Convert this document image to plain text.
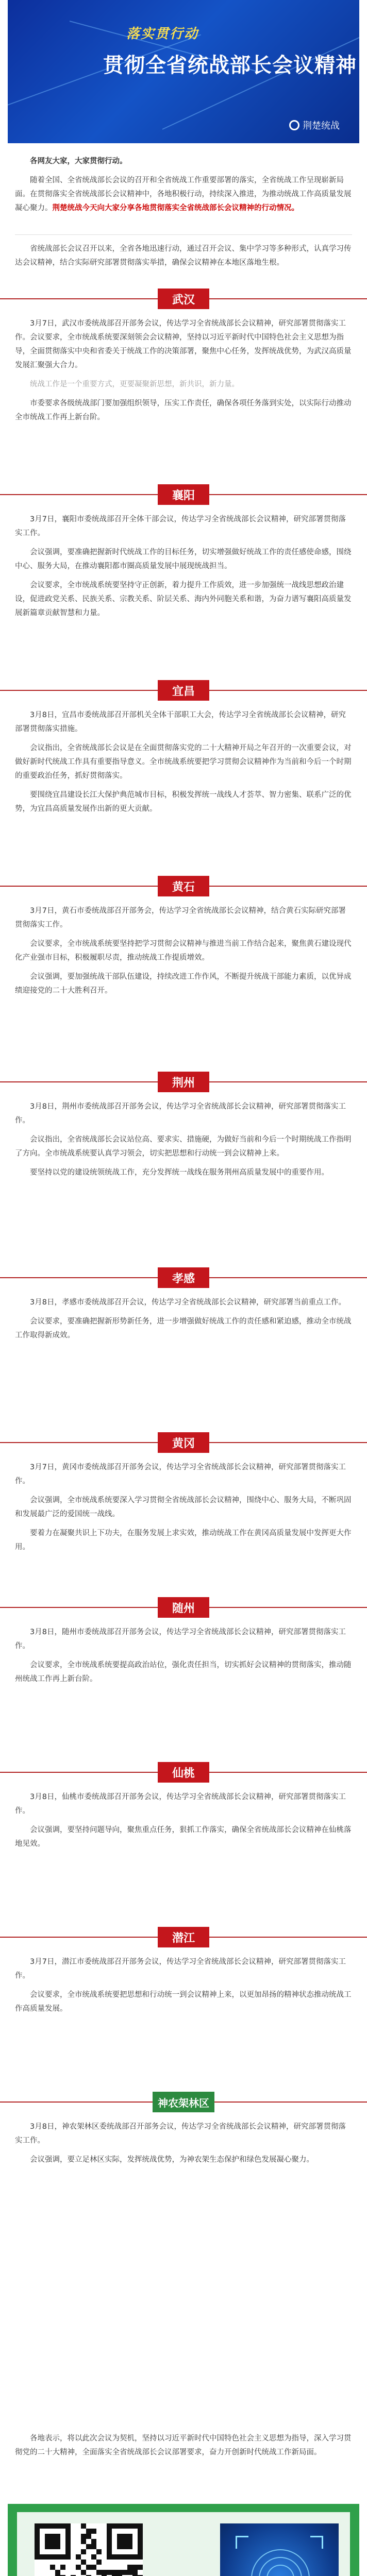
落实贯行动
贯彻全省统战部长会议精神
荆楚统战

各网友大家，大家贯彻行动。

随着全国、全省统战部长会议的召开和全省统战工作重要部署的落实，全省统战工作呈现崭新局面。在贯彻落实全省统战部长会议精神中，各地积极行动，持续深入推进，为推动统战工作高质量发展凝心聚力。荆楚统战今天向大家分享各地贯彻落实全省统战部长会议精神的行动情况。

省统战部长会议召开以来，全省各地迅速行动，通过召开会议、集中学习等多种形式，认真学习传达会议精神，结合实际研究部署贯彻落实举措，确保会议精神在本地区落地生根。

武汉

3月7日，武汉市委统战部召开部务会议，传达学习全省统战部长会议精神，研究部署贯彻落实工作。会议要求，全市统战系统要深刻领会会议精神，坚持以习近平新时代中国特色社会主义思想为指导，全面贯彻落实中央和省委关于统战工作的决策部署，聚焦中心任务，发挥统战优势，为武汉高质量发展汇聚强大合力。

统战工作是一个重要方式，更要凝聚新思想，新共识，新力量。

市委要求各级统战部门要加强组织领导，压实工作责任，确保各项任务落到实处，以实际行动推动全市统战工作再上新台阶。

襄阳

3月7日，襄阳市委统战部召开全体干部会议，传达学习全省统战部长会议精神，研究部署贯彻落实工作。

会议强调，要准确把握新时代统战工作的目标任务，切实增强做好统战工作的责任感使命感，围绕中心、服务大局，在推动襄阳都市圈高质量发展中展现统战担当。

会议要求，全市统战系统要坚持守正创新，着力提升工作质效，进一步加强统一战线思想政治建设，促进政党关系、民族关系、宗教关系、阶层关系、海内外同胞关系和谐，为奋力谱写襄阳高质量发展新篇章贡献智慧和力量。

宜昌

3月8日，宜昌市委统战部召开部机关全体干部职工大会，传达学习全省统战部长会议精神，研究部署贯彻落实措施。

会议指出，全省统战部长会议是在全面贯彻落实党的二十大精神开局之年召开的一次重要会议，对做好新时代统战工作具有重要指导意义。全市统战系统要把学习贯彻会议精神作为当前和今后一个时期的重要政治任务，抓好贯彻落实。

要围绕宜昌建设长江大保护典范城市目标，积极发挥统一战线人才荟萃、智力密集、联系广泛的优势，为宜昌高质量发展作出新的更大贡献。

黄石

3月7日，黄石市委统战部召开部务会，传达学习全省统战部长会议精神，结合黄石实际研究部署贯彻落实工作。

会议要求，全市统战系统要坚持把学习贯彻会议精神与推进当前工作结合起来，聚焦黄石建设现代化产业强市目标，积极履职尽责，推动统战工作提质增效。

会议强调，要加强统战干部队伍建设，持续改进工作作风，不断提升统战干部能力素质，以优异成绩迎接党的二十大胜利召开。

荆州

3月8日，荆州市委统战部召开部务会议，传达学习全省统战部长会议精神，研究部署贯彻落实工作。

会议指出，全省统战部长会议站位高、要求实、措施硬，为做好当前和今后一个时期统战工作指明了方向。全市统战系统要认真学习领会，切实把思想和行动统一到会议精神上来。

要坚持以党的建设统领统战工作，充分发挥统一战线在服务荆州高质量发展中的重要作用。

孝感

3月8日，孝感市委统战部召开会议，传达学习全省统战部长会议精神，研究部署当前重点工作。

会议要求，要准确把握新形势新任务，进一步增强做好统战工作的责任感和紧迫感，推动全市统战工作取得新成效。

黄冈

3月7日，黄冈市委统战部召开部务会议，传达学习全省统战部长会议精神，研究部署贯彻落实工作。

会议强调，全市统战系统要深入学习贯彻全省统战部长会议精神，围绕中心、服务大局，不断巩固和发展最广泛的爱国统一战线。

要着力在凝聚共识上下功夫，在服务发展上求实效，推动统战工作在黄冈高质量发展中发挥更大作用。

随州

3月8日，随州市委统战部召开部务会议，传达学习全省统战部长会议精神，研究部署贯彻落实工作。

会议要求，全市统战系统要提高政治站位，强化责任担当，切实抓好会议精神的贯彻落实，推动随州统战工作再上新台阶。

仙桃

3月8日，仙桃市委统战部召开部务会议，传达学习全省统战部长会议精神，研究部署贯彻落实工作。

会议强调，要坚持问题导向，聚焦重点任务，狠抓工作落实，确保全省统战部长会议精神在仙桃落地见效。

潜江

3月7日，潜江市委统战部召开部务会议，传达学习全省统战部长会议精神，研究部署贯彻落实工作。

会议要求，全市统战系统要把思想和行动统一到会议精神上来，以更加昂扬的精神状态推动统战工作高质量发展。

神农架林区

3月8日，神农架林区委统战部召开部务会议，传达学习全省统战部长会议精神，研究部署贯彻落实工作。

会议强调，要立足林区实际，发挥统战优势，为神农架生态保护和绿色发展凝心聚力。

各地表示，将以此次会议为契机，坚持以习近平新时代中国特色社会主义思想为指导，深入学习贯彻党的二十大精神，全面落实全省统战部长会议部署要求，奋力开创新时代统战工作新局面。
